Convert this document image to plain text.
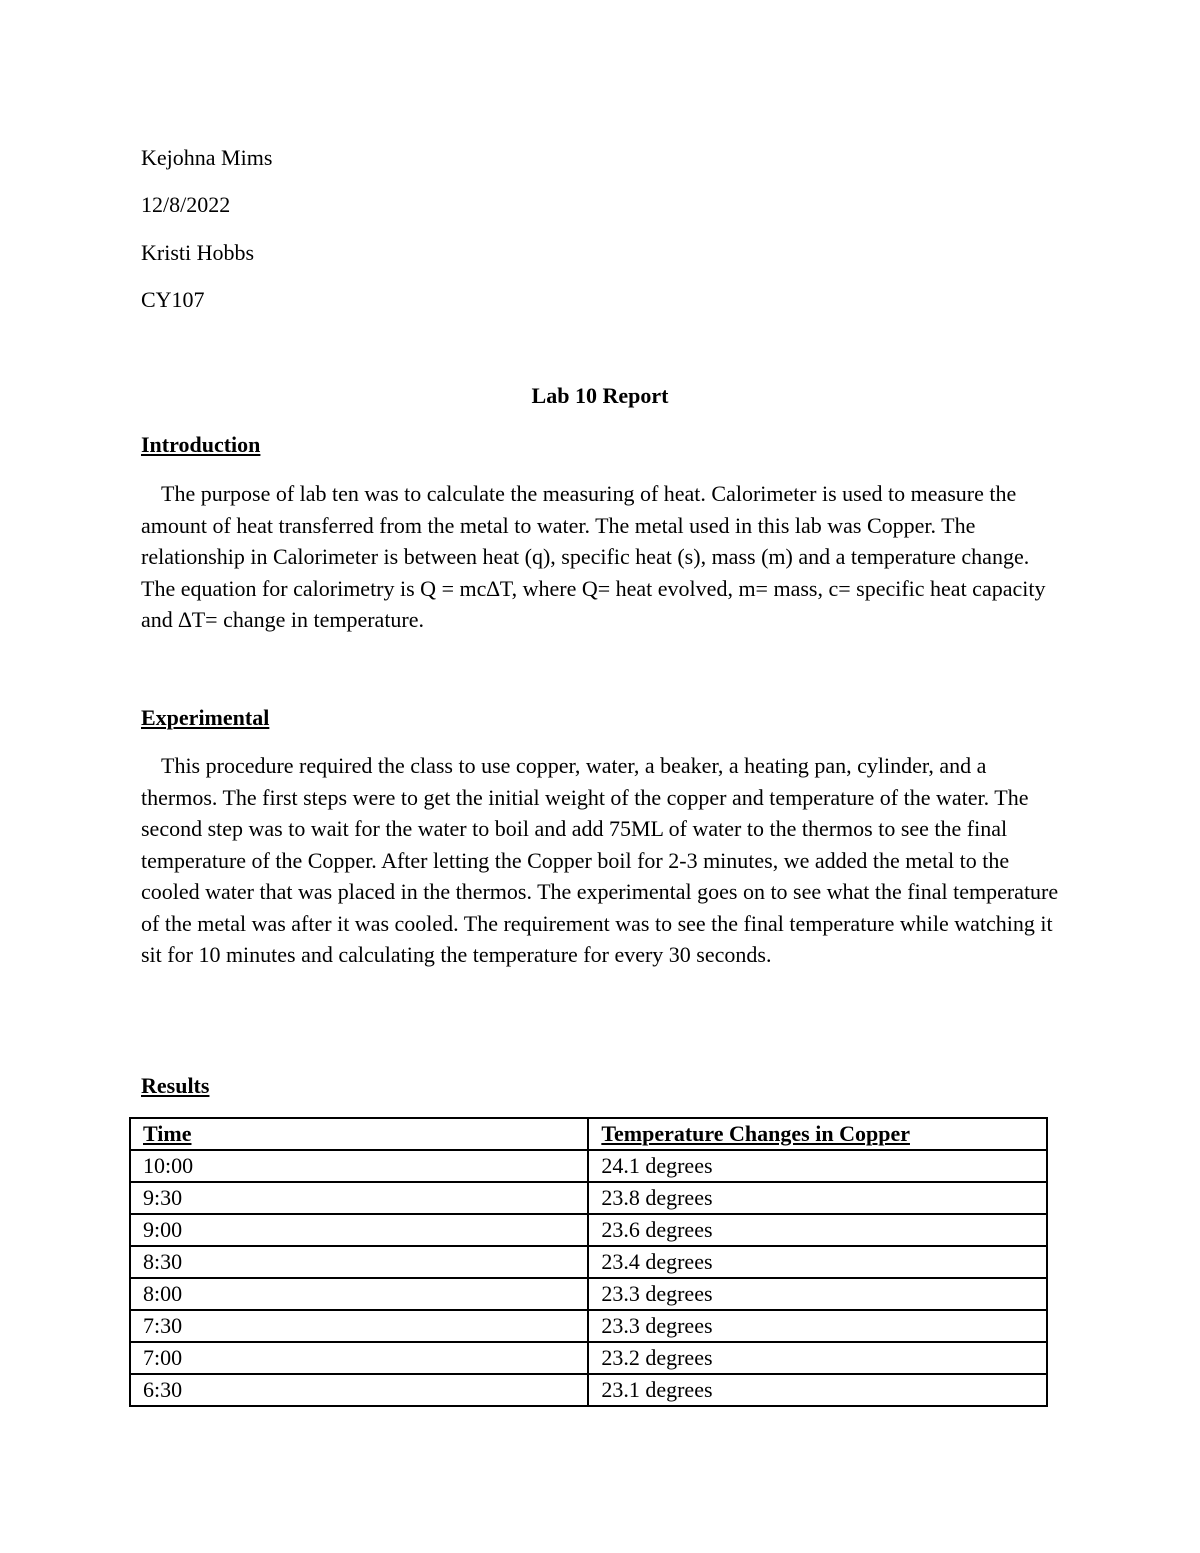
Kejohna Mims
12/8/2022
Kristi Hobbs
CY107
Lab 10 Report
Introduction
The purpose of lab ten was to calculate the measuring of heat. Calorimeter is used to measure the amount of heat transferred from the metal to water. The metal used in this lab was Copper. The relationship in Calorimeter is between heat (q), specific heat (s), mass (m) and a temperature change. The equation for calorimetry is Q = mc∆T, where Q= heat evolved, m= mass, c= specific heat capacity and ∆T= change in temperature.
Experimental
This procedure required the class to use copper, water, a beaker, a heating pan, cylinder, and a thermos. The first steps were to get the initial weight of the copper and temperature of the water. The second step was to wait for the water to boil and add 75ML of water to the thermos to see the final temperature of the Copper. After letting the Copper boil for 2-3 minutes, we added the metal to the cooled water that was placed in the thermos. The experimental goes on to see what the final temperature of the metal was after it was cooled. The requirement was to see the final temperature while watching it sit for 10 minutes and calculating the temperature for every 30 seconds.
Results
Time	Temperature Changes in Copper
10:00	24.1 degrees
9:30	23.8 degrees
9:00	23.6 degrees
8:30	23.4 degrees
8:00	23.3 degrees
7:30	23.3 degrees
7:00	23.2 degrees
6:30	23.1 degrees
